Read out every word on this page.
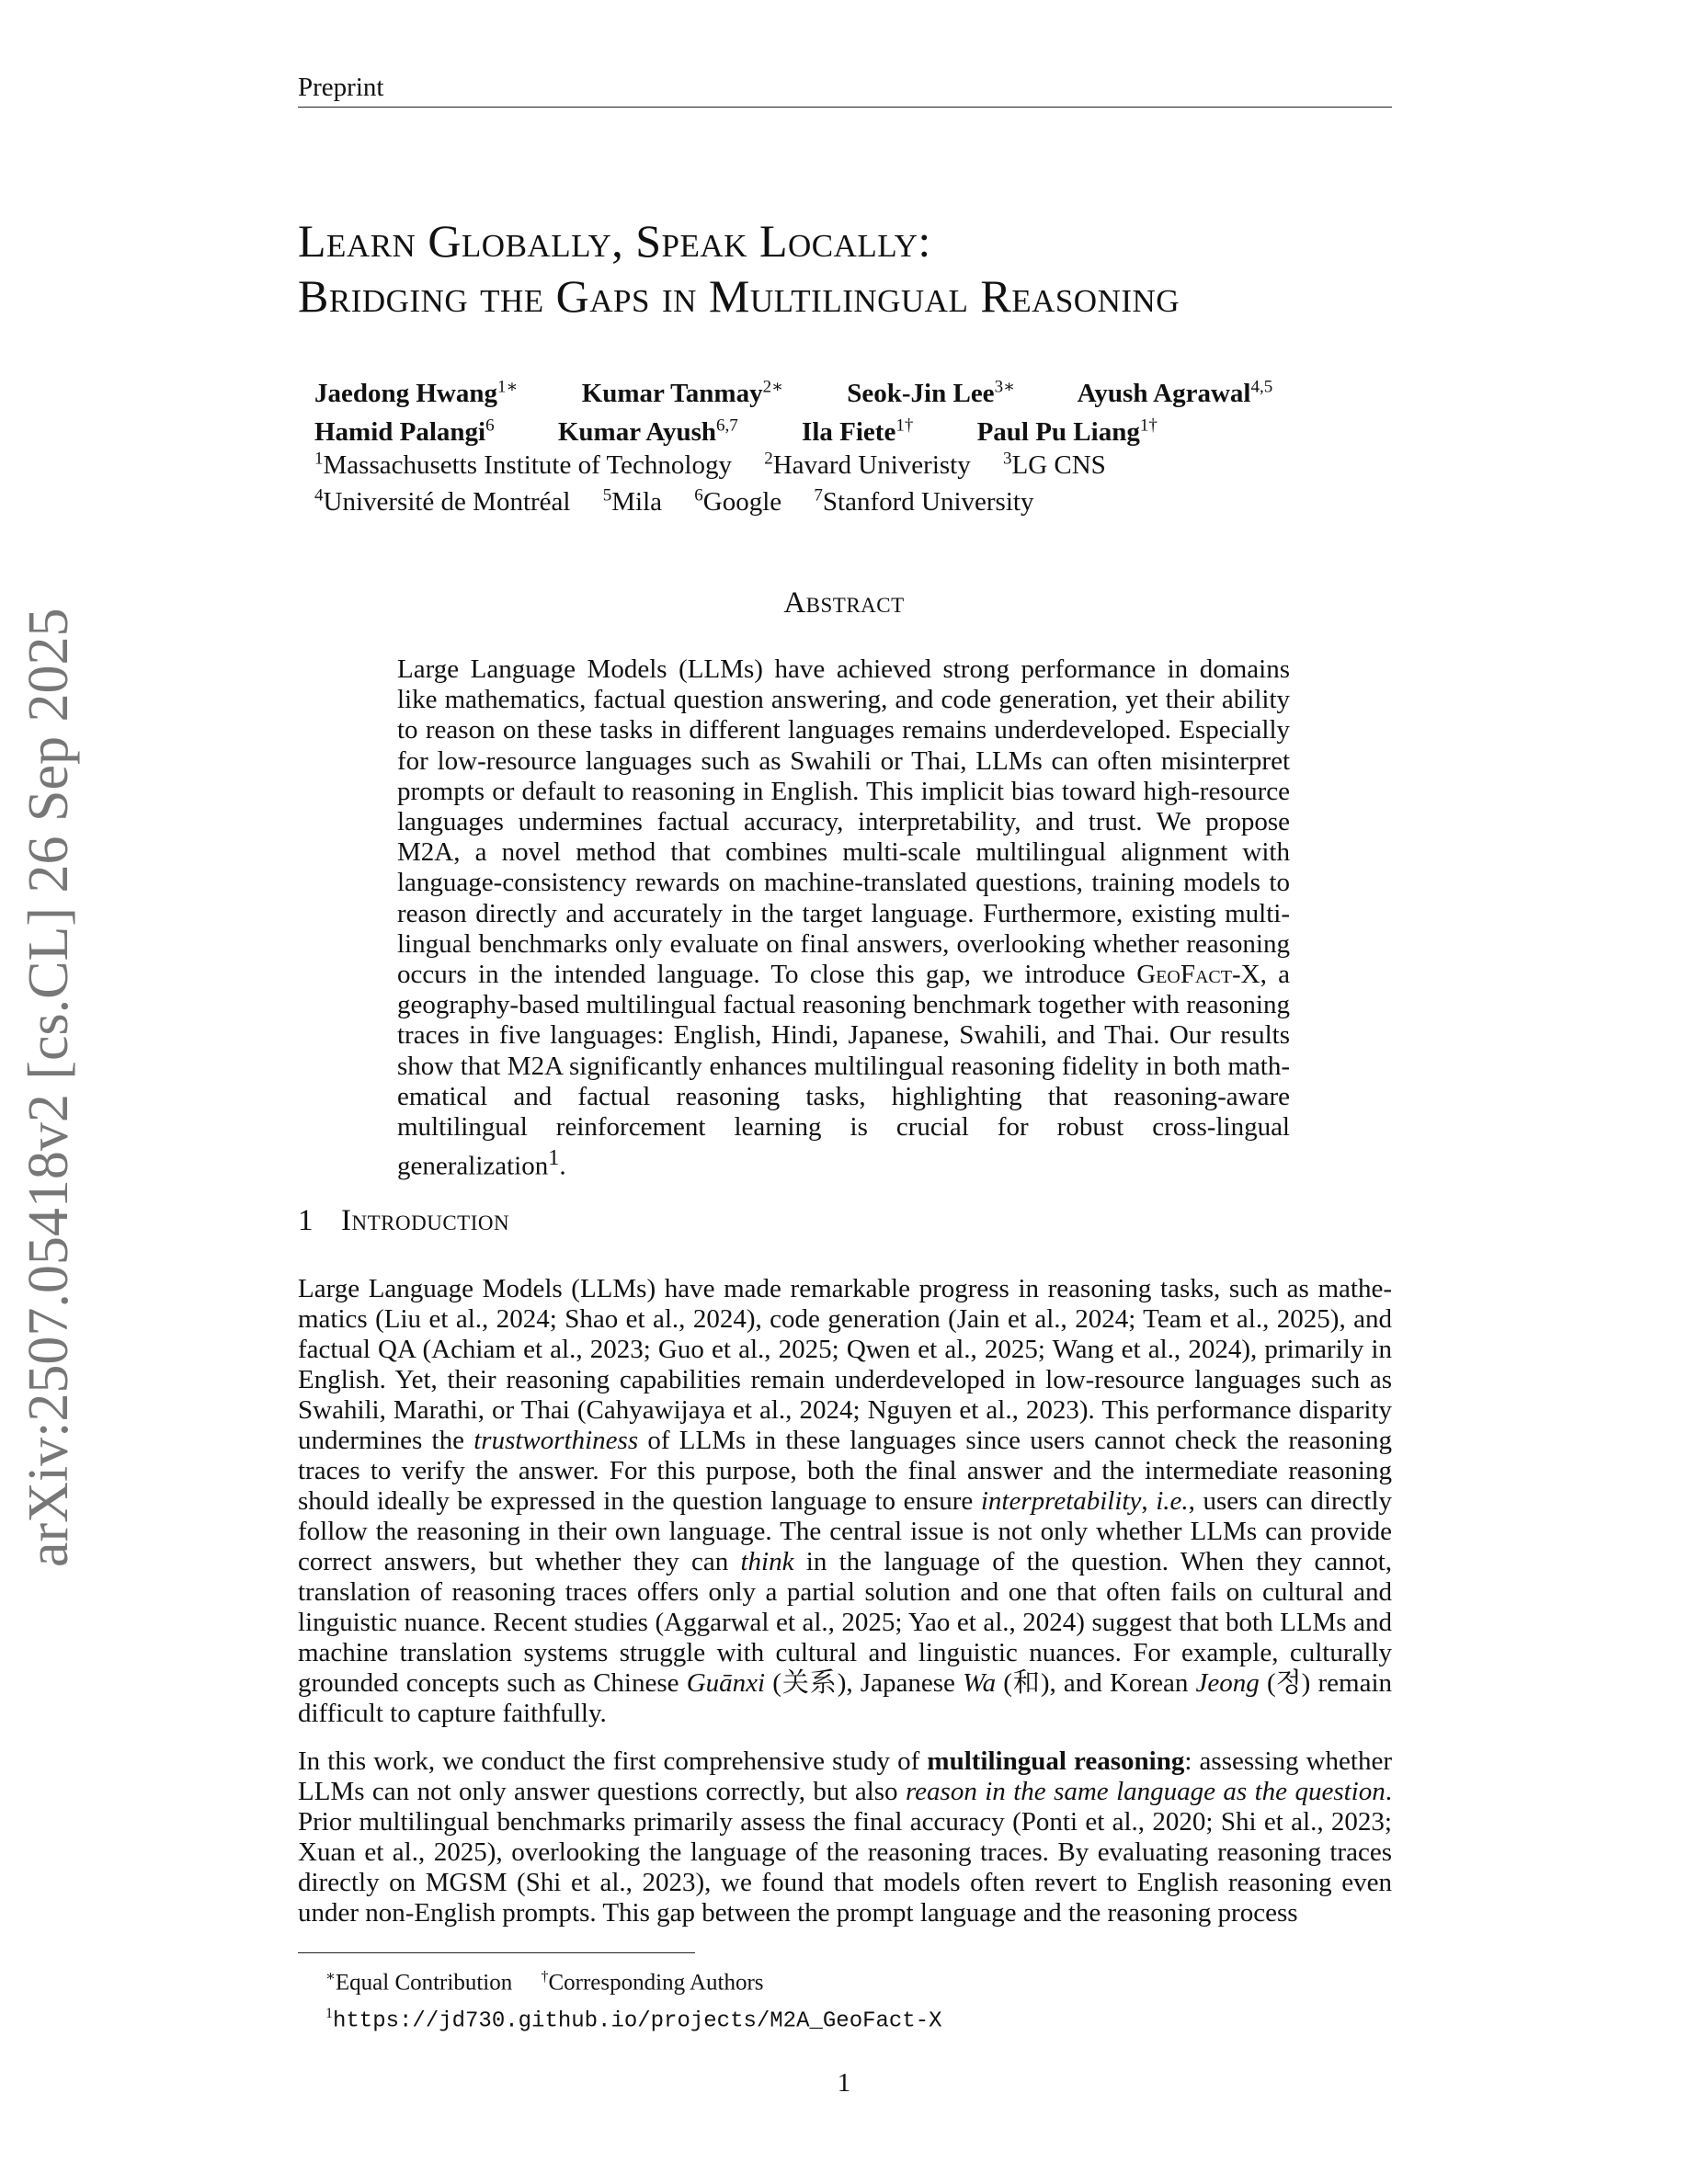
arXiv:2507.05418v2 [cs.CL] 26 Sep 2025
Preprint
Learn Globally, Speak Locally:
Bridging the Gaps in Multilingual Reasoning
Jaedong Hwang$^{1∗}$ Kumar Tanmay$^{2∗}$ Seok-Jin Lee$^{3∗}$ Ayush Agrawal$^{4,5}$
Hamid Palangi$^6$ Kumar Ayush$^{6,7}$ Ila Fiete$^{1\dagger}$ Paul Pu Liang$^{1\dagger}$
$^1$Massachusetts Institute of Technology $^2$Havard Univeristy $^3$LG CNS
$^4$Université de Montréal $^5$Mila $^6$Google $^7$Stanford University
Abstract
Large Language Models (LLMs) have achieved strong performance in domains like mathematics, factual question answering, and code generation, yet their ability to reason on these tasks in different languages remains underdeveloped. Especially for low-resource languages such as Swahili or Thai, LLMs can often misinterpret prompts or default to reasoning in English. This implicit bias toward high-resource languages undermines factual accuracy, interpretability, and trust. We propose M2A, a novel method that combines multi-scale multilingual alignment with language-consistency rewards on machine-translated questions, training models to reason directly and accurately in the target language. Furthermore, existing multi-lingual benchmarks only evaluate on final answers, overlooking whether reasoning occurs in the intended language. To close this gap, we introduce GeoFact-X, a geography-based multilingual factual reasoning benchmark together with reasoning traces in five languages: English, Hindi, Japanese, Swahili, and Thai. Our results show that M2A significantly enhances multilingual reasoning fidelity in both math-ematical and factual reasoning tasks, highlighting that reasoning-aware multilingual reinforcement learning is crucial for robust cross-lingual generalization$^1$.
1 Introduction
Large Language Models (LLMs) have made remarkable progress in reasoning tasks, such as mathe-matics (Liu et al., 2024; Shao et al., 2024), code generation (Jain et al., 2024; Team et al., 2025), and factual QA (Achiam et al., 2023; Guo et al., 2025; Qwen et al., 2025; Wang et al., 2024), primarily in English. Yet, their reasoning capabilities remain underdeveloped in low-resource languages such as Swahili, Marathi, or Thai (Cahyawijaya et al., 2024; Nguyen et al., 2023). This performance disparity undermines the trustworthiness of LLMs in these languages since users cannot check the reasoning traces to verify the answer. For this purpose, both the final answer and the intermediate reasoning should ideally be expressed in the question language to ensure interpretability, i.e., users can directly follow the reasoning in their own language. The central issue is not only whether LLMs can provide correct answers, but whether they can think in the language of the question. When they cannot, translation of reasoning traces offers only a partial solution and one that often fails on cultural and linguistic nuance. Recent studies (Aggarwal et al., 2025; Yao et al., 2024) suggest that both LLMs and machine translation systems struggle with cultural and linguistic nuances. For example, culturally grounded concepts such as Chinese Guānxi (关系), Japanese Wa (和), and Korean Jeong (정) remain difficult to capture faithfully.
In this work, we conduct the first comprehensive study of multilingual reasoning: assessing whether LLMs can not only answer questions correctly, but also reason in the same language as the question. Prior multilingual benchmarks primarily assess the final accuracy (Ponti et al., 2020; Shi et al., 2023; Xuan et al., 2025), overlooking the language of the reasoning traces. By evaluating reasoning traces directly on MGSM (Shi et al., 2023), we found that models often revert to English reasoning even under non-English prompts. This gap between the prompt language and the reasoning process
∗Equal Contribution †Corresponding Authors
$^1$https://jd730.github.io/projects/M2A_GeoFact-X
1
